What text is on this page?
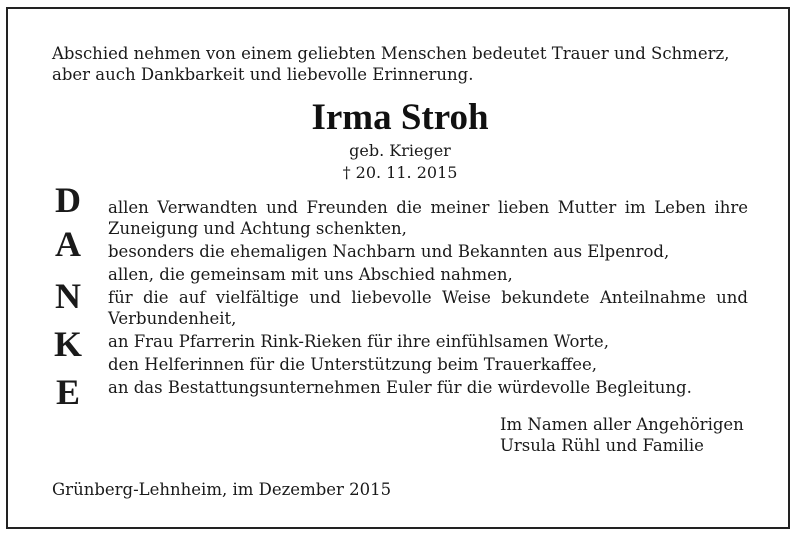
Abschied nehmen von einem geliebten Menschen bedeutet Trauer und Schmerz,
aber auch Dankbarkeit und liebevolle Erinnerung.
Irma Stroh
geb. Krieger
† 20. 11. 2015
D
A
N
K
E
allen Verwandten und Freunden die meiner lieben Mutter im Leben ihre Zuneigung und Achtung schenkten,
besonders die ehemaligen Nachbarn und Bekannten aus Elpenrod,
allen, die gemeinsam mit uns Abschied nahmen,
für die auf vielfältige und liebevolle Weise bekundete Anteilnahme und Verbundenheit,
an Frau Pfarrerin Rink-Rieken für ihre einfühlsamen Worte,
den Helferinnen für die Unterstützung beim Trauerkaffee,
an das Bestattungsunternehmen Euler für die würdevolle Begleitung.
Im Namen aller Angehörigen
Ursula Rühl und Familie
Grünberg-Lehnheim, im Dezember 2015
